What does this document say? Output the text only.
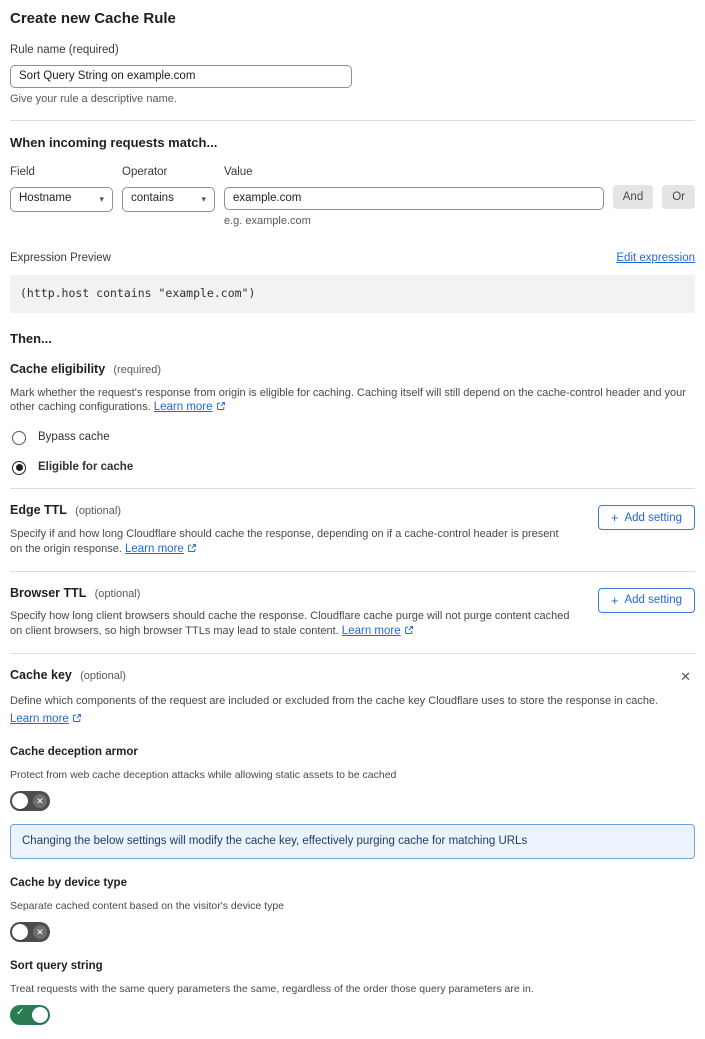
Create new Cache Rule
Rule name (required)
Sort Query String on example.com
Give your rule a descriptive name.
When incoming requests match...
Field
Hostname	▾
Operator
contains	▾
Value
example.com
e.g. example.com
And	Or
Expression Preview	Edit expression
(http.host contains "example.com")
Then...
Cache eligibility (required)

Mark whether the request's response from origin is eligible for caching. Caching itself will still depend on the cache-control header and your other caching configurations. Learn more

Bypass cache
Eligible for cache
Edge TTL (optional)

Specify if and how long Cloudflare should cache the response, depending on if a cache-control header is present on the origin response. Learn more

+ Add setting
Browser TTL (optional)

Specify how long client browsers should cache the response. Cloudflare cache purge will not purge content cached on client browsers, so high browser TTLs may lead to stale content. Learn more

+ Add setting
Cache key (optional)	✕

Define which components of the request are included or excluded from the cache key Cloudflare uses to store the response in cache.

Learn more
Cache deception armor

Protect from web cache deception attacks while allowing static assets to be cached

✕
Changing the below settings will modify the cache key, effectively purging cache for matching URLs
Cache by device type

Separate cached content based on the visitor's device type

✕
Sort query string

Treat requests with the same query parameters the same, regardless of the order those query parameters are in.

✓
